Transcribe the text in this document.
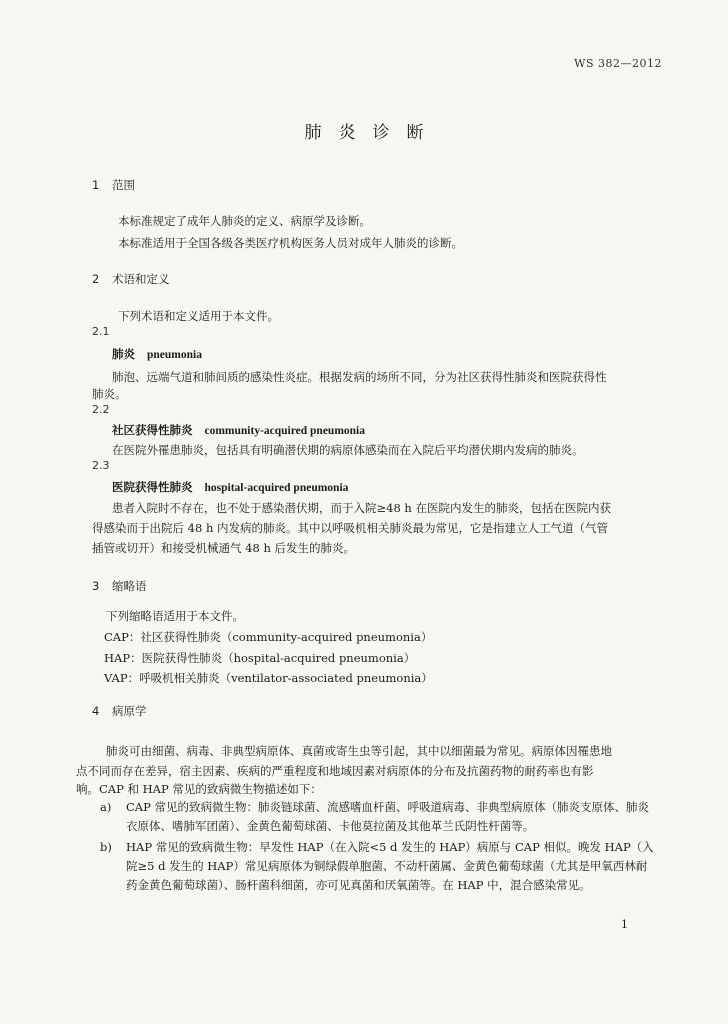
WS 382—2012
肺炎诊断
1 范围
本标准规定了成年人肺炎的定义、病原学及诊断。
本标准适用于全国各级各类医疗机构医务人员对成年人肺炎的诊断。
2 术语和定义
下列术语和定义适用于本文件。
2.1
肺炎 pneumonia
肺泡、远端气道和肺间质的感染性炎症。根据发病的场所不同，分为社区获得性肺炎和医院获得性
肺炎。
2.2
社区获得性肺炎 community-acquired pneumonia
在医院外罹患肺炎，包括具有明确潜伏期的病原体感染而在入院后平均潜伏期内发病的肺炎。
2.3
医院获得性肺炎 hospital-acquired pneumonia
患者入院时不存在，也不处于感染潜伏期，而于入院≥48 h 在医院内发生的肺炎，包括在医院内获
得感染而于出院后 48 h 内发病的肺炎。其中以呼吸机相关肺炎最为常见，它是指建立人工气道（气管
插管或切开）和接受机械通气 48 h 后发生的肺炎。
3 缩略语
下列缩略语适用于本文件。
CAP：社区获得性肺炎（community-acquired pneumonia）
HAP：医院获得性肺炎（hospital-acquired pneumonia）
VAP：呼吸机相关肺炎（ventilator-associated pneumonia）
4 病原学
肺炎可由细菌、病毒、非典型病原体、真菌或寄生虫等引起，其中以细菌最为常见。病原体因罹患地
点不同而存在差异，宿主因素、疾病的严重程度和地域因素对病原体的分布及抗菌药物的耐药率也有影
响。CAP 和 HAP 常见的致病微生物描述如下：
a) CAP 常见的致病微生物：肺炎链球菌、流感嗜血杆菌、呼吸道病毒、非典型病原体（肺炎支原体、肺炎衣原体、嗜肺军团菌）、金黄色葡萄球菌、卡他莫拉菌及其他革兰氏阴性杆菌等。
b) HAP 常见的致病微生物：早发性 HAP（在入院<5 d 发生的 HAP）病原与 CAP 相似。晚发 HAP（入院≥5 d 发生的 HAP）常见病原体为铜绿假单胞菌、不动杆菌属、金黄色葡萄球菌（尤其是甲氧西林耐药金黄色葡萄球菌）、肠杆菌科细菌，亦可见真菌和厌氧菌等。在 HAP 中，混合感染常见。
1
